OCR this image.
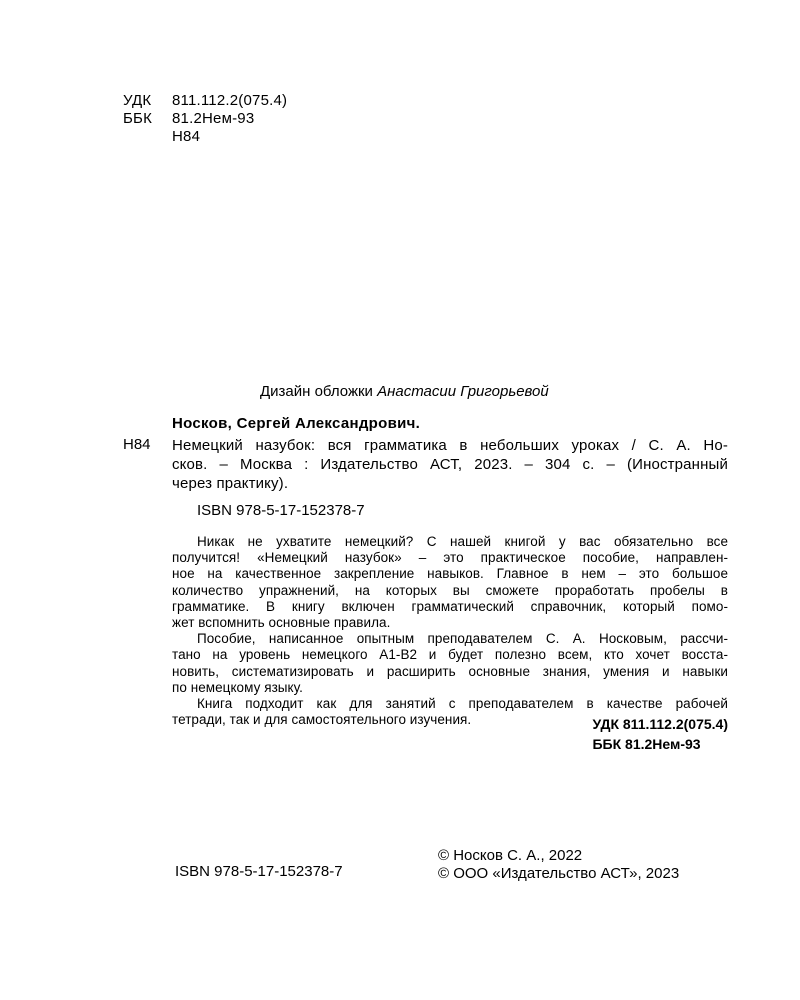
УДК 811.112.2(075.4)
ББК 81.2Нем-93
Н84
Дизайн обложки Анастасии Григорьевой
Носков, Сергей Александрович.
Н84 Немецкий назубок: вся грамматика в небольших уроках / С. А. Но-
сков. – Москва : Издательство АСТ, 2023. – 304 с. – (Иностранный
через практику).
ISBN 978-5-17-152378-7
Никак не ухватите немецкий? С нашей книгой у вас обязательно все
получится! «Немецкий назубок» – это практическое пособие, направлен-
ное на качественное закрепление навыков. Главное в нем – это большое
количество упражнений, на которых вы сможете проработать пробелы в
грамматике. В книгу включен грамматический справочник, который помо-
жет вспомнить основные правила.
Пособие, написанное опытным преподавателем С. А. Носковым, рассчи-
тано на уровень немецкого А1-В2 и будет полезно всем, кто хочет восста-
новить, систематизировать и расширить основные знания, умения и навыки
по немецкому языку.
Книга подходит как для занятий с преподавателем в качестве рабочей
тетради, так и для самостоятельного изучения.	УДК 811.112.2(075.4)
ББК 81.2Нем-93
© Носков С. А., 2022
ISBN 978-5-17-152378-7	© ООО «Издательство АСТ», 2023
